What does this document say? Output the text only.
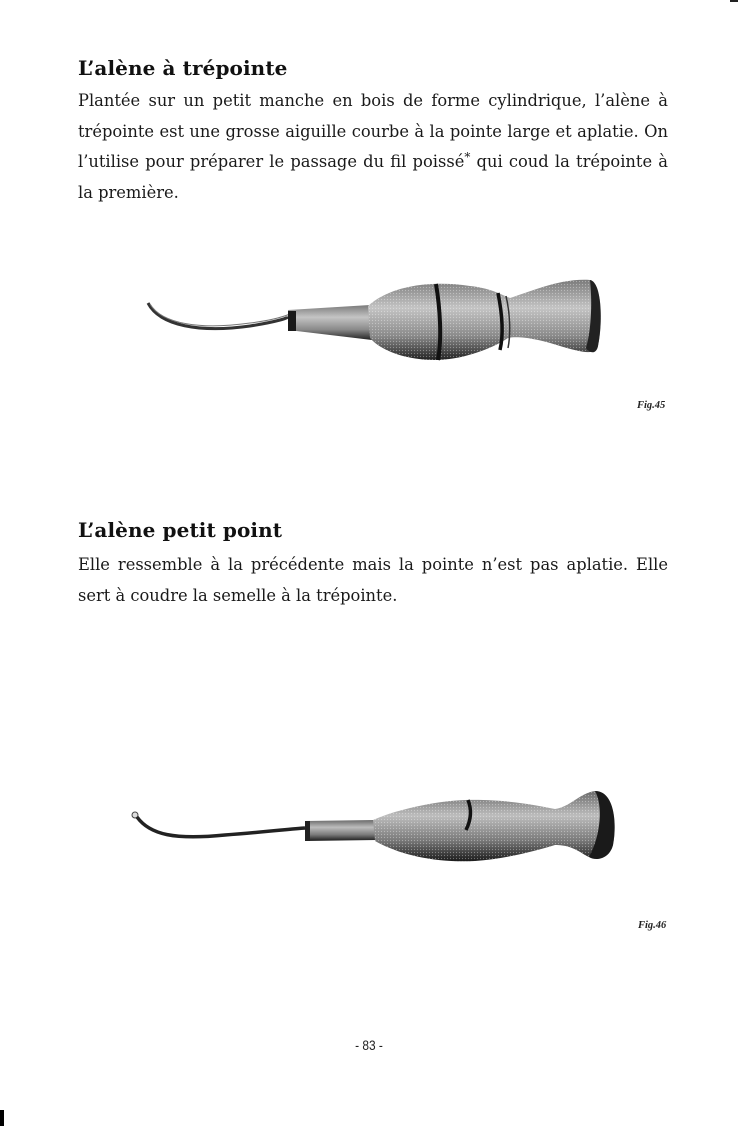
L’alène à trépointe
Plantée sur un petit manche en bois de forme cylindrique, l’alène à trépointe est une grosse aiguille courbe à la pointe large et aplatie. On l’utilise pour préparer le passage du fil poissé* qui coud la trépointe à la première.
Fig.45
L’alène petit point
Elle ressemble à la précédente mais la pointe n’est pas aplatie. Elle sert à coudre la semelle à la trépointe.
Fig.46
- 83 -
